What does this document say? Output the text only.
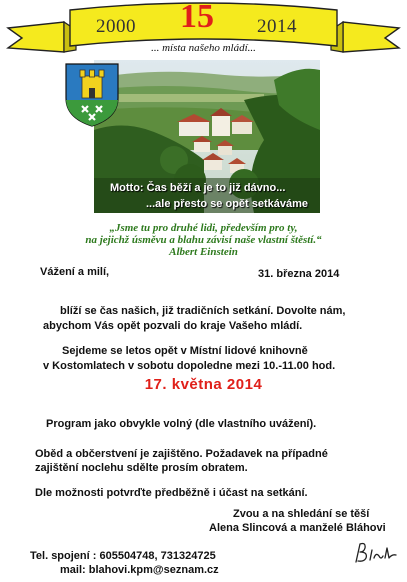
2000 15 2014
... místa našeho mládí...
Motto: Čas běží a je to již dávno...
...ale přesto se opět setkáváme
„Jsme tu pro druhé lidi, především pro ty,
na jejichž úsměvu a blahu závisí naše vlastní štěstí.“
Albert Einstein
Vážení a milí,	31. března 2014
blíží se čas našich, již tradičních setkání. Dovolte nám,
abychom Vás opět pozvali do kraje Vašeho mládí.
Sejdeme se letos opět v Místní lidové knihovně
v Kostomlatech v sobotu dopoledne mezi 10.-11.00 hod.
17. května 2014
Program jako obvykle volný (dle vlastního uvážení).
Oběd a občerstvení je zajištěno. Požadavek na případné
zajištění noclehu sdělte prosím obratem.
Dle možnosti potvrďte předběžně i účast na setkání.
Zvou a na shledání se těší
Alena Slincová a manželé Bláhovi
Tel. spojení : 605504748, 731324725
mail: blahovi.kpm@seznam.cz
